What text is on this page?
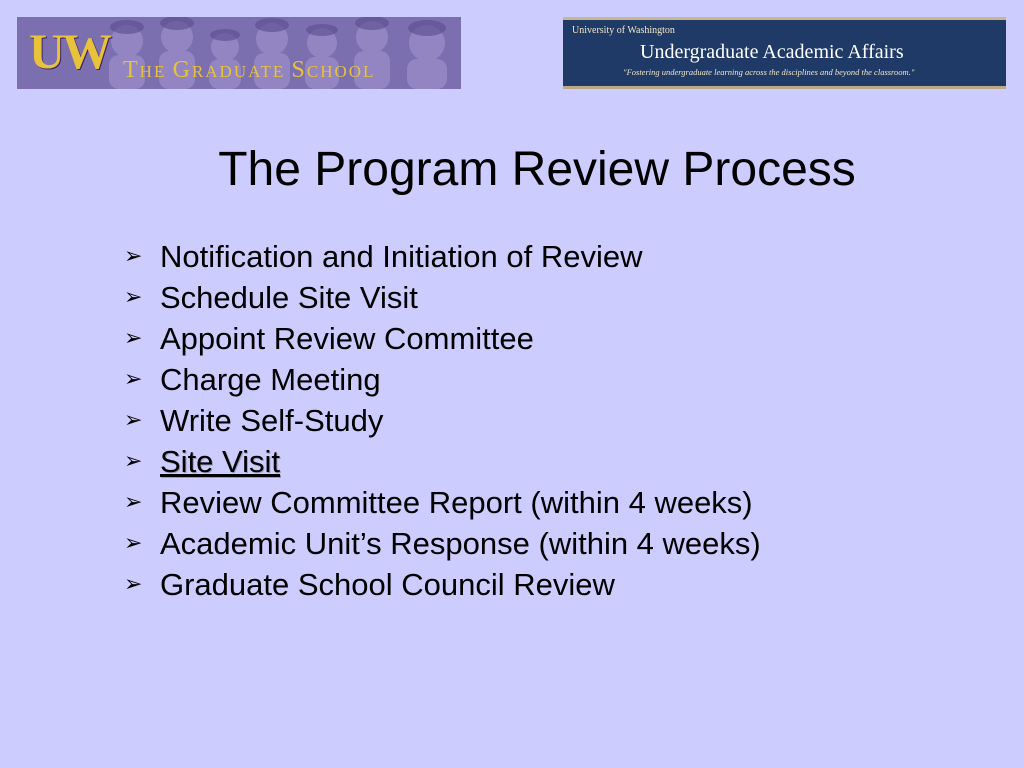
UW THE GRADUATE SCHOOL
University of Washington
Undergraduate Academic Affairs
"Fostering undergraduate learning across the disciplines and beyond the classroom."
The Program Review Process
➢ Notification and Initiation of Review
➢ Schedule Site Visit
➢ Appoint Review Committee
➢ Charge Meeting
➢ Write Self-Study
➢ Site Visit
➢ Review Committee Report (within 4 weeks)
➢ Academic Unit’s Response (within 4 weeks)
➢ Graduate School Council Review
